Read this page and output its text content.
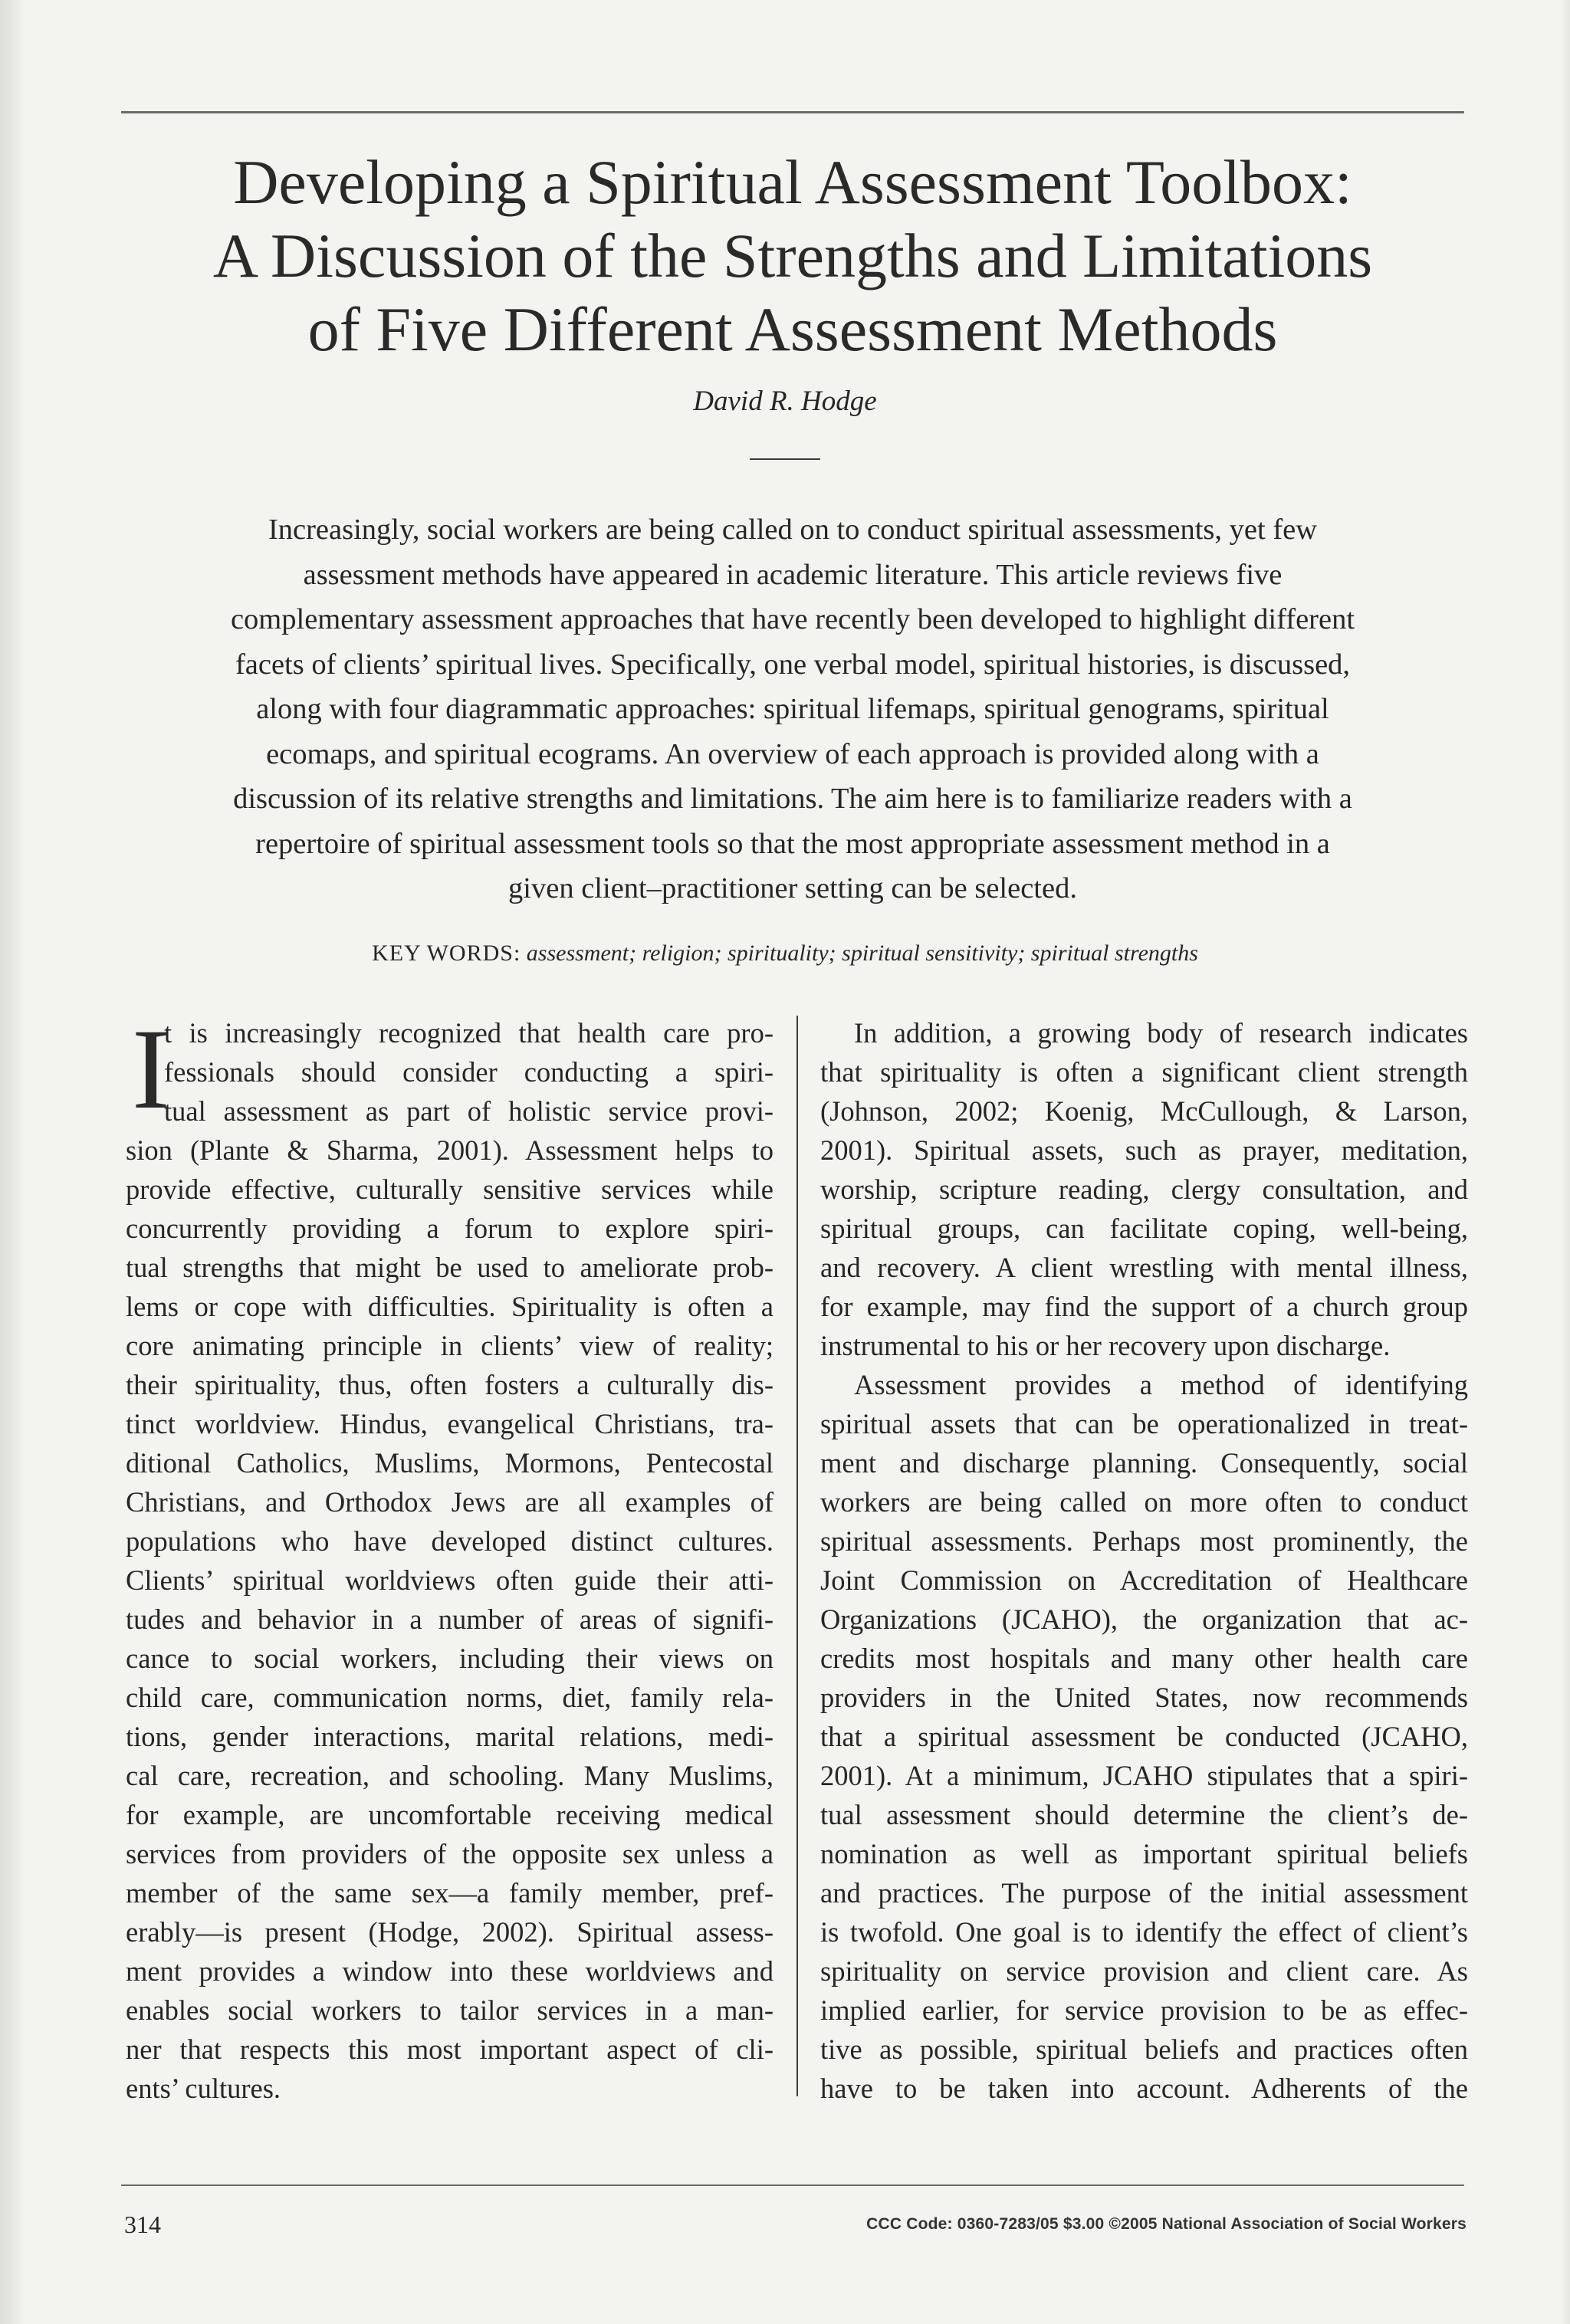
Developing a Spiritual Assessment Toolbox:
A Discussion of the Strengths and Limitations
of Five Different Assessment Methods
David R. Hodge
Increasingly, social workers are being called on to conduct spiritual assessments, yet few
assessment methods have appeared in academic literature. This article reviews five
complementary assessment approaches that have recently been developed to highlight different
facets of clients’ spiritual lives. Specifically, one verbal model, spiritual histories, is discussed,
along with four diagrammatic approaches: spiritual lifemaps, spiritual genograms, spiritual
ecomaps, and spiritual ecograms. An overview of each approach is provided along with a
discussion of its relative strengths and limitations. The aim here is to familiarize readers with a
repertoire of spiritual assessment tools so that the most appropriate assessment method in a
given client–practitioner setting can be selected.
KEY WORDS: assessment; religion; spirituality; spiritual sensitivity; spiritual strengths
I
t is increasingly recognized that health care pro-
fessionals should consider conducting a spiri-
tual assessment as part of holistic service provi-
sion (Plante & Sharma, 2001). Assessment helps to
provide effective, culturally sensitive services while
concurrently providing a forum to explore spiri-
tual strengths that might be used to ameliorate prob-
lems or cope with difficulties. Spirituality is often a
core animating principle in clients’ view of reality;
their spirituality, thus, often fosters a culturally dis-
tinct worldview. Hindus, evangelical Christians, tra-
ditional Catholics, Muslims, Mormons, Pentecostal
Christians, and Orthodox Jews are all examples of
populations who have developed distinct cultures.
Clients’ spiritual worldviews often guide their atti-
tudes and behavior in a number of areas of signifi-
cance to social workers, including their views on
child care, communication norms, diet, family rela-
tions, gender interactions, marital relations, medi-
cal care, recreation, and schooling. Many Muslims,
for example, are uncomfortable receiving medical
services from providers of the opposite sex unless a
member of the same sex—a family member, pref-
erably—is present (Hodge, 2002). Spiritual assess-
ment provides a window into these worldviews and
enables social workers to tailor services in a man-
ner that respects this most important aspect of cli-
ents’ cultures.
In addition, a growing body of research indicates
that spirituality is often a significant client strength
(Johnson, 2002; Koenig, McCullough, & Larson,
2001). Spiritual assets, such as prayer, meditation,
worship, scripture reading, clergy consultation, and
spiritual groups, can facilitate coping, well-being,
and recovery. A client wrestling with mental illness,
for example, may find the support of a church group
instrumental to his or her recovery upon discharge.
Assessment provides a method of identifying
spiritual assets that can be operationalized in treat-
ment and discharge planning. Consequently, social
workers are being called on more often to conduct
spiritual assessments. Perhaps most prominently, the
Joint Commission on Accreditation of Healthcare
Organizations (JCAHO), the organization that ac-
credits most hospitals and many other health care
providers in the United States, now recommends
that a spiritual assessment be conducted (JCAHO,
2001). At a minimum, JCAHO stipulates that a spiri-
tual assessment should determine the client’s de-
nomination as well as important spiritual beliefs
and practices. The purpose of the initial assessment
is twofold. One goal is to identify the effect of client’s
spirituality on service provision and client care. As
implied earlier, for service provision to be as effec-
tive as possible, spiritual beliefs and practices often
have to be taken into account. Adherents of the
314	CCC Code: 0360-7283/05 $3.00 ©2005 National Association of Social Workers
